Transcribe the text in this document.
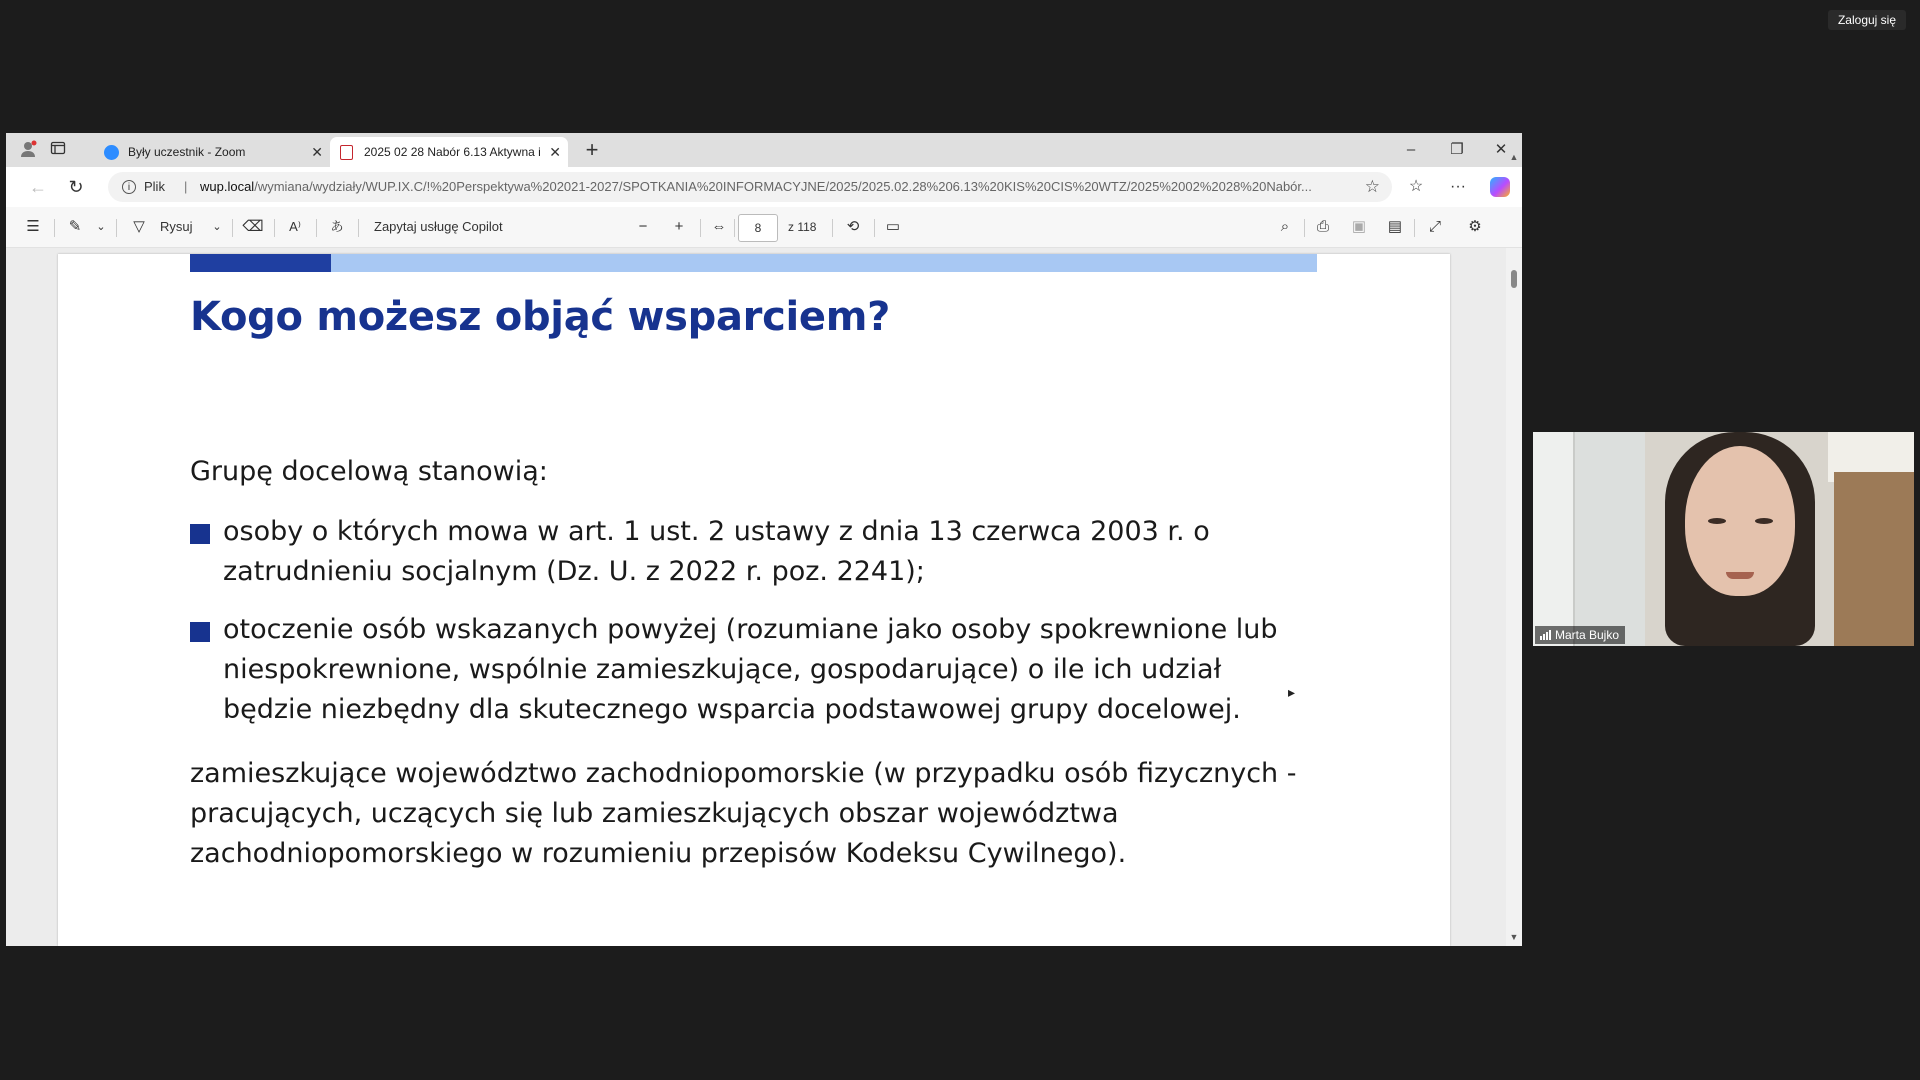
Zaloguj się
Były uczestnik - Zoom	✕	2025 02 28 Nabór 6.13 Aktywna i ✕	+	–	❐	✕
← ↻	i	Plik | wup.local/wymiana/wydziały/WUP.IX.C/!%20Perspektywa%202021-2027/SPOTKANIA%20INFORMACYJNE/2025/2025.02.28%206.13%20KIS%20CIS%20WTZ/2025%2002%2028%20Nabór...	☆	☆	···
☰	✎	⌄	▽	Rysuj	⌄	⌫	A⁾	あ	Zapytaj usługę Copilot	−	+	⇔	8	z 118	⟲	▭	⌕	⎙	▣ ▤	⤢	⚙
Kogo możesz objąć wsparciem?
Grupę docelową stanowią:
osoby o których mowa w art. 1 ust. 2 ustawy z dnia 13 czerwca 2003 r. o zatrudnieniu socjalnym (Dz. U. z 2022 r. poz. 2241);
otoczenie osób wskazanych powyżej (rozumiane jako osoby spokrewnione lub niespokrewnione, wspólnie zamieszkujące, gospodarujące) o ile ich udział będzie niezbędny dla skutecznego wsparcia podstawowej grupy docelowej.
zamieszkujące województwo zachodniopomorskie (w przypadku osób fizycznych - pracujących, uczących się lub zamieszkujących obszar województwa zachodniopomorskiego w rozumieniu przepisów Kodeksu Cywilnego).
▸
▲
▼
Marta Bujko
